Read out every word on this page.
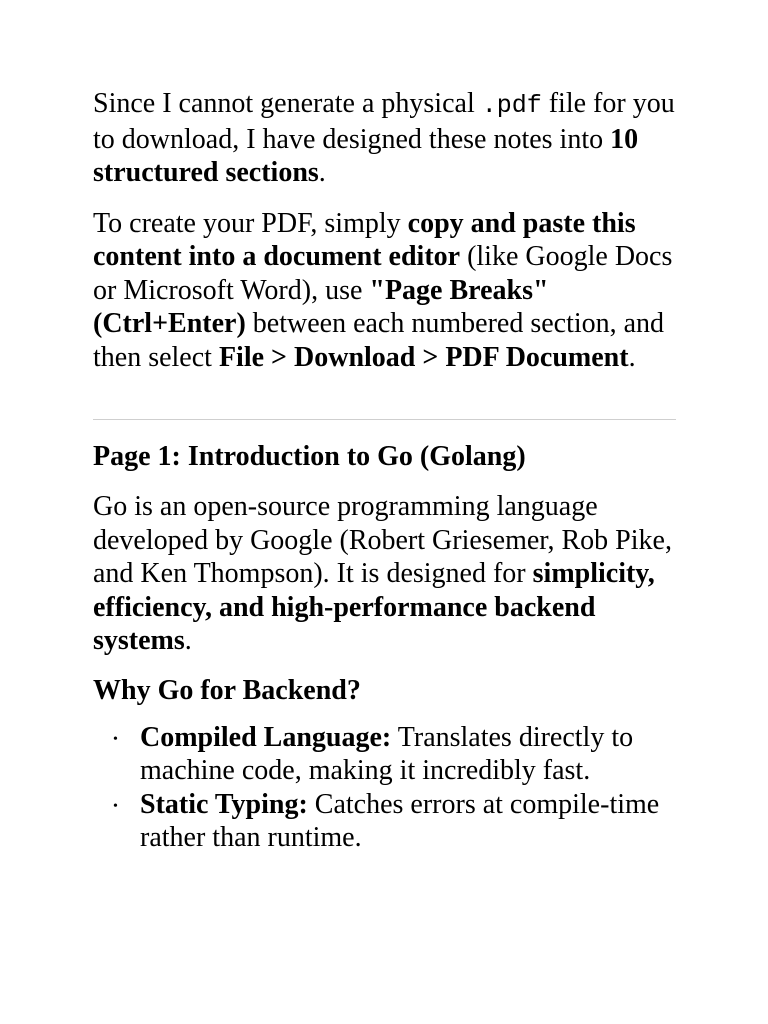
Since I cannot generate a physical .pdf file for you to download, I have designed these notes into 10 structured sections.

To create your PDF, simply copy and paste this content into a document editor (like Google Docs or Microsoft Word), use "Page Breaks" (Ctrl+Enter) between each numbered section, and then select File > Download > PDF Document.

Page 1: Introduction to Go (Golang)

Go is an open-source programming language developed by Google (Robert Griesemer, Rob Pike, and Ken Thompson). It is designed for simplicity, efficiency, and high-performance backend systems.

Why Go for Backend?
• Compiled Language: Translates directly to machine code, making it incredibly fast.
• Static Typing: Catches errors at compile-time rather than runtime.
